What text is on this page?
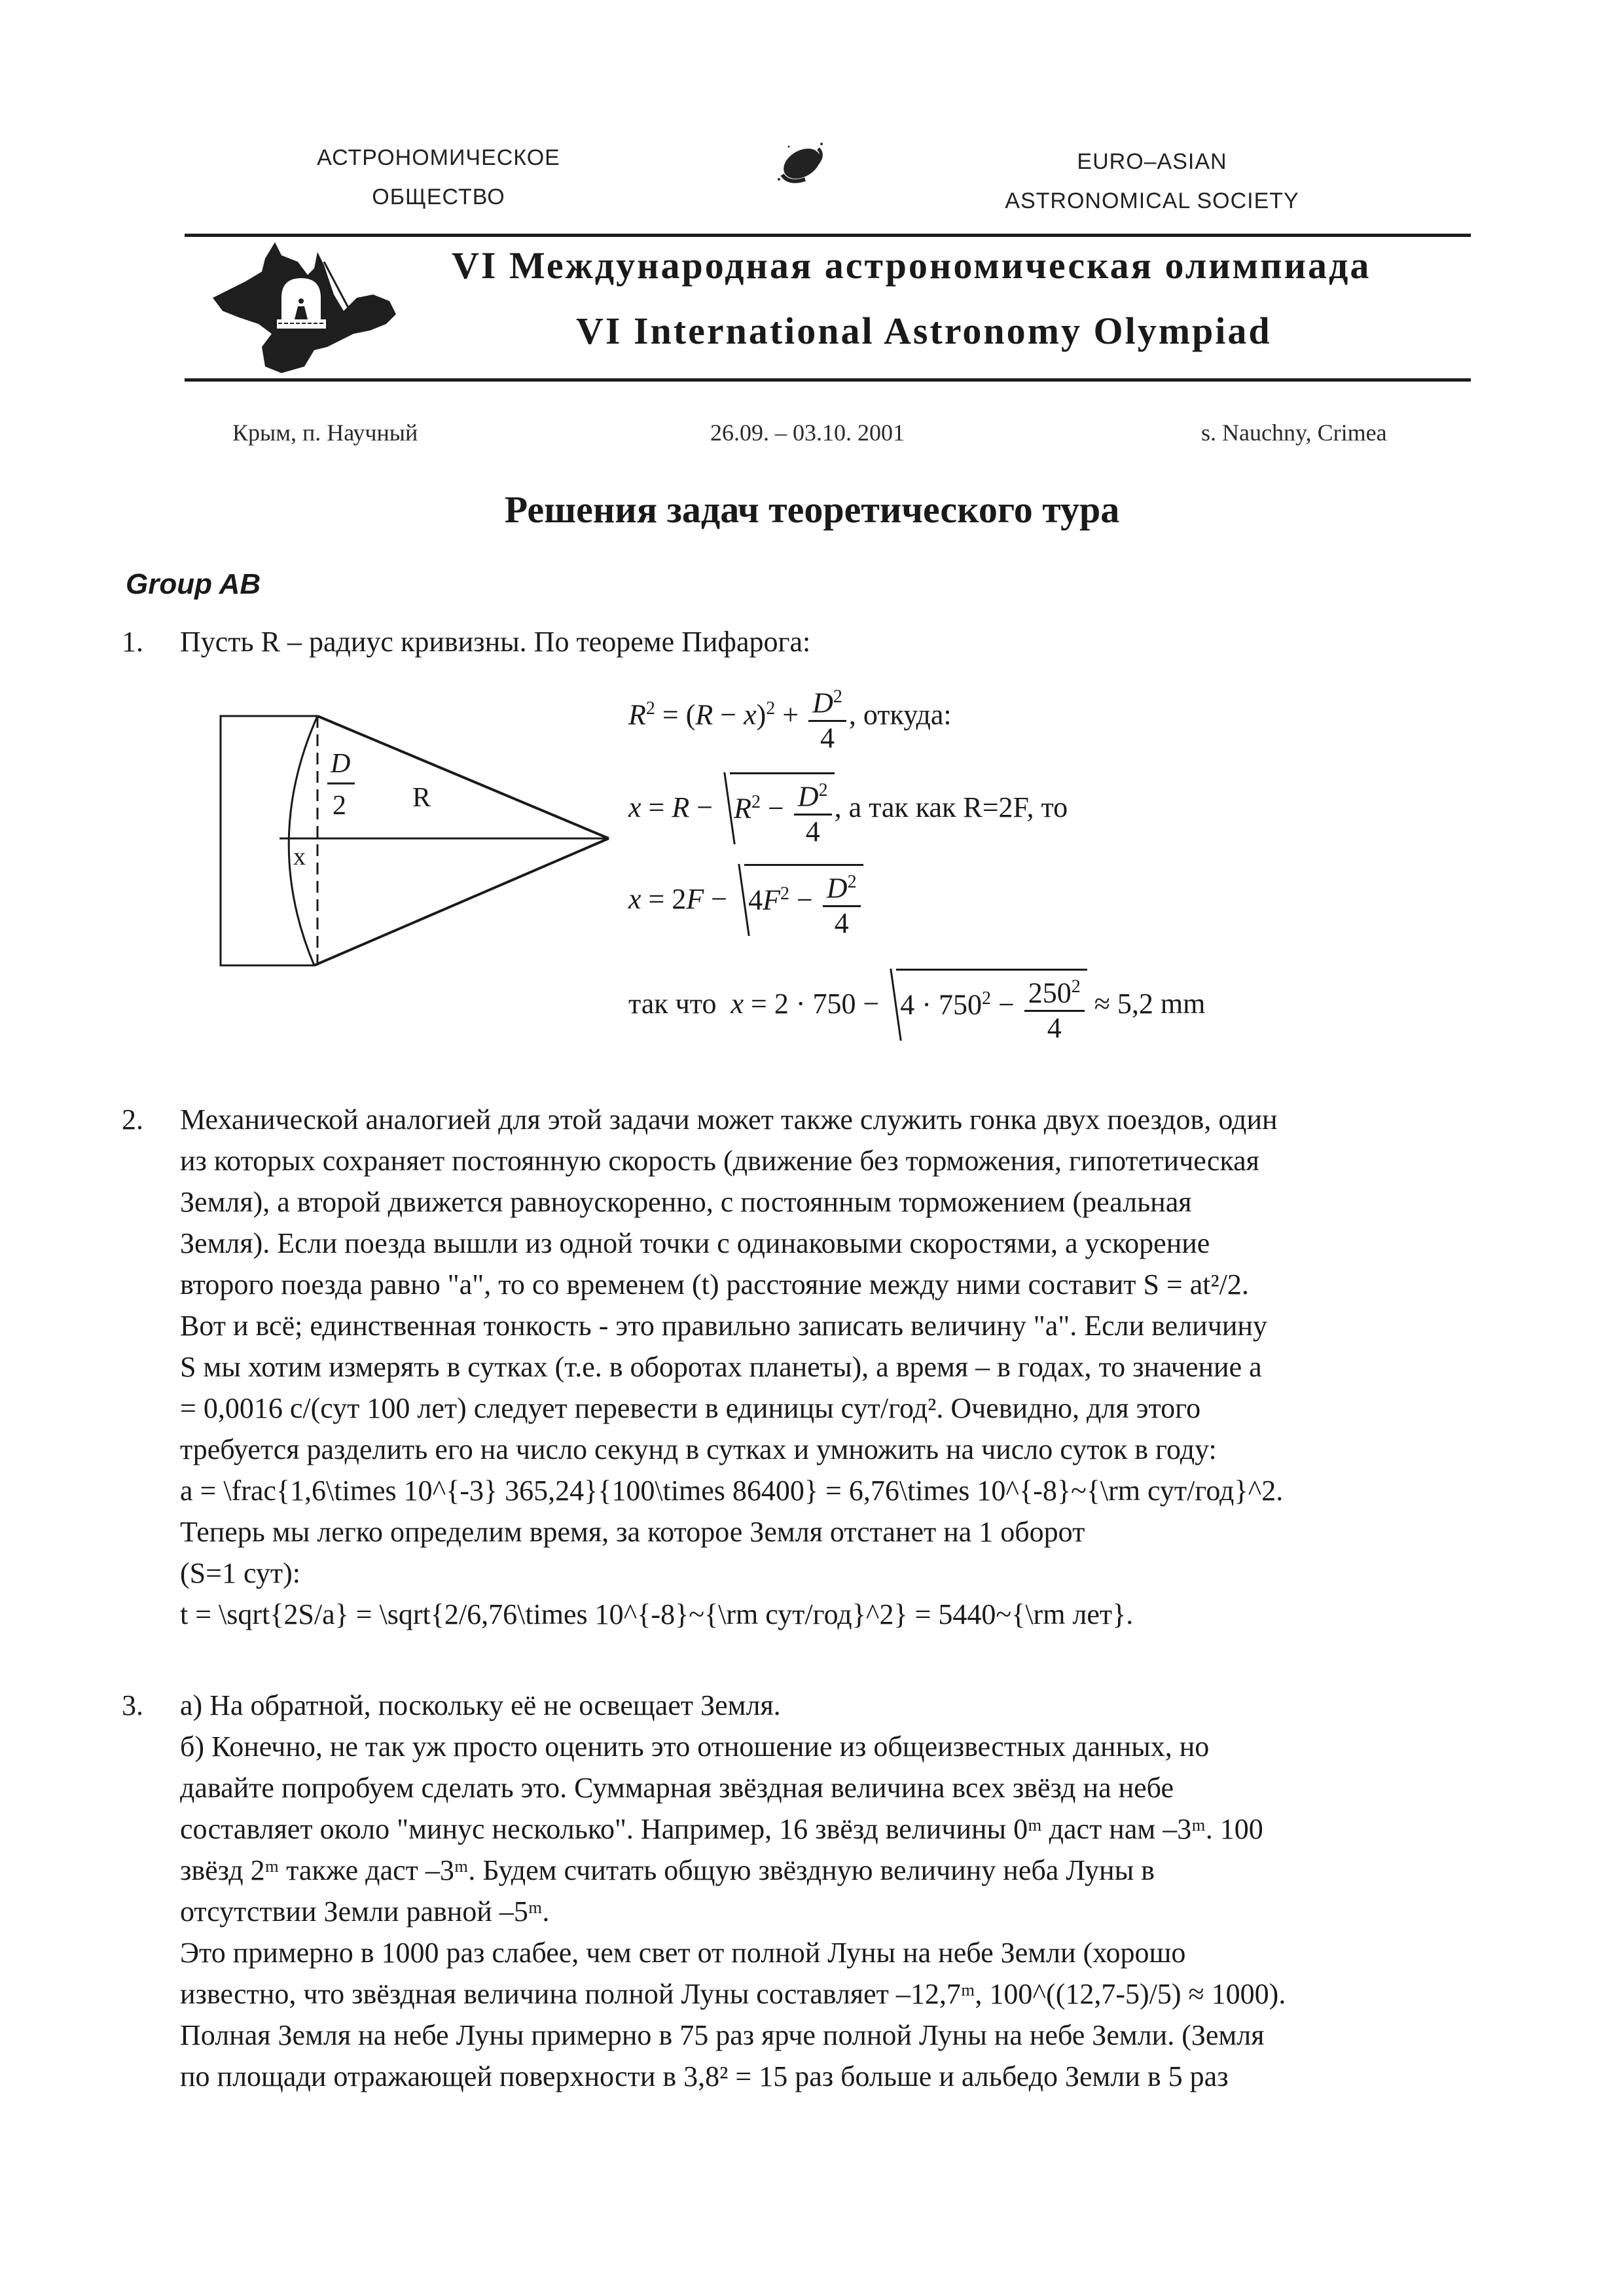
АСТРОНОМИЧЕСКОЕ
ОБЩЕСТВО
EURO–ASIAN
ASTRONOMICAL SOCIETY
VI Международная астрономическая олимпиада
VI International Astronomy Olympiad
Крым, п. Научный	26.09. – 03.10. 2001	s. Nauchny, Crimea
Решения задач теоретического тура
Group AB
1. Пусть R – радиус кривизны. По теореме Пифарога:
R
D
2
x
$R^2 = (R - x)^2 + \frac{D^2}{4}$ , откуда:
$x = R - R^2 - \frac{D^2}{4}$ , а так как R=2F, то
$x = 2F - 4F^2 - \frac{D^2}{4}$
так что $x = 2 \cdot 750 - 4 \cdot 750^2 - \frac{250^2}{4} \approx 5,2$ mm
2. Механической аналогией для этой задачи может также служить гонка двух поездов, один
из которых сохраняет постоянную скорость (движение без торможения, гипотетическая
Земля), а второй движется равноускоренно, с постоянным торможением (реальная
Земля). Если поезда вышли из одной точки с одинаковыми скоростями, а ускорение
второго поезда равно "a", то со временем (t) расстояние между ними составит S = at²/2.
Вот и всё; единственная тонкость - это правильно записать величину "a". Если величину
S мы хотим измерять в сутках (т.е. в оборотах планеты), а время – в годах, то значение a
= 0,0016 с/(сут 100 лет) следует перевести в единицы сут/год². Очевидно, для этого
требуется разделить его на число секунд в сутках и умножить на число суток в году:
a = \frac{1,6\times 10^{-3} 365,24}{100\times 86400} = 6,76\times 10^{-8}~{\rm сут/год}^2.
Теперь мы легко определим время, за которое Земля отстанет на 1 оборот
(S=1 сут):
t = \sqrt{2S/a} = \sqrt{2/6,76\times 10^{-8}~{\rm сут/год}^2} = 5440~{\rm лет}.
3. а) На обратной, поскольку её не освещает Земля.
б) Конечно, не так уж просто оценить это отношение из общеизвестных данных, но
давайте попробуем сделать это. Суммарная звёздная величина всех звёзд на небе
составляет около "минус несколько". Например, 16 звёзд величины 0ᵐ даст нам –3ᵐ. 100
звёзд 2ᵐ также даст –3ᵐ. Будем считать общую звёздную величину неба Луны в
отсутствии Земли равной –5ᵐ.
Это примерно в 1000 раз слабее, чем свет от полной Луны на небе Земли (хорошо
известно, что звёздная величина полной Луны составляет –12,7ᵐ, 100^((12,7-5)/5) ≈ 1000).
Полная Земля на небе Луны примерно в 75 раз ярче полной Луны на небе Земли. (Земля
по площади отражающей поверхности в 3,8² = 15 раз больше и альбедо Земли в 5 раз
